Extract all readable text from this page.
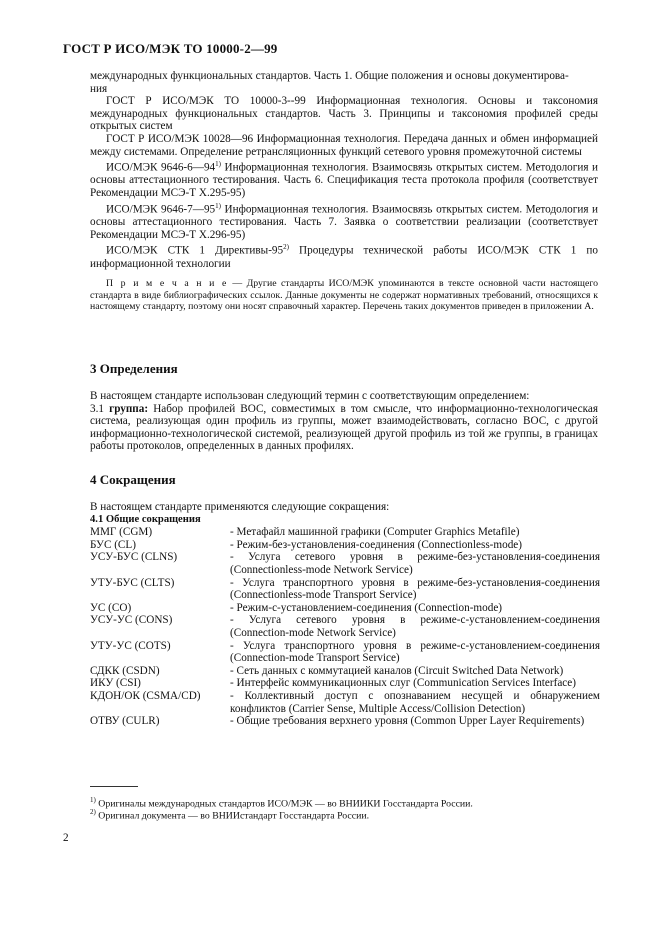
ГОСТ Р ИСО/МЭК ТО 10000-2—99

международных функциональных стандартов. Часть 1. Общие положения и основы документирова-
ния

ГОСТ Р ИСО/МЭК ТО 10000-3--99 Информационная технология. Основы и таксономия международных функциональных стандартов. Часть 3. Принципы и таксономия профилей среды открытых систем

ГОСТ Р ИСО/МЭК 10028—96 Информационная технология. Передача данных и обмен информацией между системами. Определение ретрансляционных функций сетевого уровня промежуточной системы

ИСО/МЭК 9646-6—94$^{1)}$ Информационная технология. Взаимосвязь открытых систем. Методология и основы аттестационного тестирования. Часть 6. Спецификация теста протокола профиля (соответствует Рекомендации МСЭ-Т X.295-95)

ИСО/МЭК 9646-7—95$^{1)}$ Информационная технология. Взаимосвязь открытых систем. Методология и основы аттестационного тестирования. Часть 7. Заявка о соответствии реализации (соответствует Рекомендации МСЭ-Т X.296-95)

ИСО/МЭК СТК 1 Директивы-95$^{2)}$ Процедуры технической работы ИСО/МЭК СТК 1 по информационной технологии

П р и м е ч а н и е — Другие стандарты ИСО/МЭК упоминаются в тексте основной части настоящего стандарта в виде библиографических ссылок. Данные документы не содержат нормативных требований, относящихся к настоящему стандарту, поэтому они носят справочный характер. Перечень таких документов приведен в приложении А.

3 Определения

В настоящем стандарте использован следующий термин с соответствующим определением:

3.1 группа: Набор профилей ВОС, совместимых в том смысле, что информационно-технологическая система, реализующая один профиль из группы, может взаимодействовать, согласно ВОС, с другой информационно-технологической системой, реализующей другой профиль из той же группы, в границах работы протоколов, определенных в данных профилях.

4 Сокращения
В настоящем стандарте применяются следующие сокращения:
4.1 Общие сокращения
ММГ (CGM)	- Метафайл машинной графики (Computer Graphics Metafile)
БУС (CL)	- Режим-без-установления-соединения (Connectionless-mode)
УСУ-БУС (CLNS)	- Услуга сетевого уровня в режиме-без-установления-соединения (Connectionless-mode Network Service)
УТУ-БУС (CLTS)	- Услуга транспортного уровня в режиме-без-установления-соединения (Connectionless-mode Transport Service)
УС (CO)	- Режим-с-установлением-соединения (Connection-mode)
УСУ-УС (CONS)	- Услуга сетевого уровня в режиме-с-установлением-соединения (Connection-mode Network Service)
УТУ-УС (COTS)	- Услуга транспортного уровня в режиме-с-установлением-соединения (Connection-mode Transport Service)
СДКК (CSDN)	- Сеть данных с коммутацией каналов (Circuit Switched Data Network)
ИКУ (CSI)	- Интерфейс коммуникационных слуг (Communication Services Interface)
КДОН/ОК (CSMA/CD)	- Коллективный доступ с опознаванием несущей и обнаружением конфликтов (Carrier Sense, Multiple Access/Collision Detection)
ОТВУ (CULR)	- Общие требования верхнего уровня (Common Upper Layer Requirements)
$^{1)}$ Оригиналы международных стандартов ИСО/МЭК — во ВНИИКИ Госстандарта России.
$^{2)}$ Оригинал документа — во ВНИИстандарт Госстандарта России.
2
